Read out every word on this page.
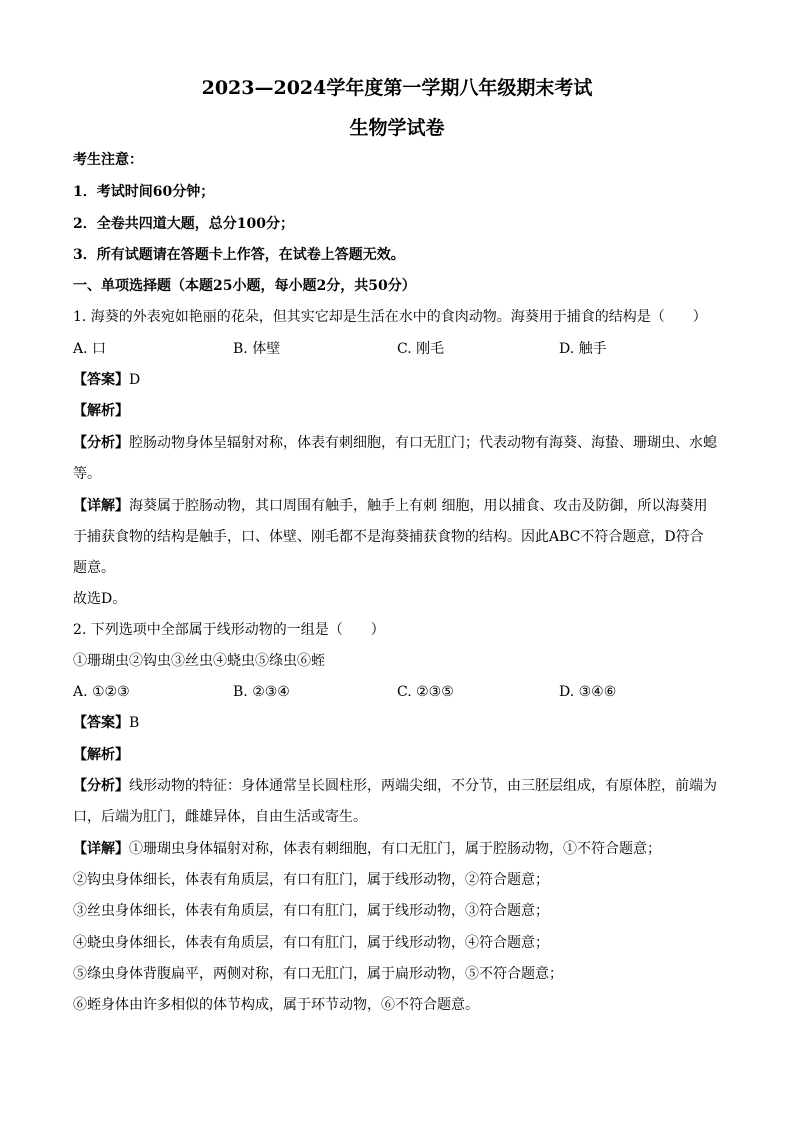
2023—2024学年度第一学期八年级期末考试
生物学试卷
考生注意：
1．考试时间60分钟；
2．全卷共四道大题，总分100分；
3．所有试题请在答题卡上作答，在试卷上答题无效。
一、单项选择题（本题25小题，每小题2分，共50分）
1. 海葵的外表宛如艳丽的花朵，但其实它却是生活在水中的食肉动物。海葵用于捕食的结构是（　　）
A. 口	B. 体壁	C. 刚毛	D. 触手
【答案】D
【解析】
【分析】腔肠动物身体呈辐射对称，体表有刺细胞，有口无肛门；代表动物有海葵、海蛰、珊瑚虫、水螅
等。
【详解】海葵属于腔肠动物，其口周围有触手，触手上有刺 细胞，用以捕食、攻击及防御，所以海葵用
于捕获食物的结构是触手，口、体壁、刚毛都不是海葵捕获食物的结构。因此ABC不符合题意，D符合
题意。
故选D。
2. 下列选项中全部属于线形动物的一组是（　　）
①珊瑚虫②钩虫③丝虫④蛲虫⑤绦虫⑥蛭
A. ①②③	B. ②③④	C. ②③⑤	D. ③④⑥
【答案】B
【解析】
【分析】线形动物的特征：身体通常呈长圆柱形，两端尖细，不分节，由三胚层组成，有原体腔，前端为
口，后端为肛门，雌雄异体，自由生活或寄生。
【详解】①珊瑚虫身体辐射对称，体表有刺细胞，有口无肛门，属于腔肠动物，①不符合题意；
②钩虫身体细长，体表有角质层，有口有肛门，属于线形动物，②符合题意；
③丝虫身体细长，体表有角质层，有口有肛门，属于线形动物，③符合题意；
④蛲虫身体细长，体表有角质层，有口有肛门，属于线形动物，④符合题意；
⑤绦虫身体背腹扁平，两侧对称，有口无肛门，属于扁形动物，⑤不符合题意；
⑥蛭身体由许多相似的体节构成，属于环节动物，⑥不符合题意。
